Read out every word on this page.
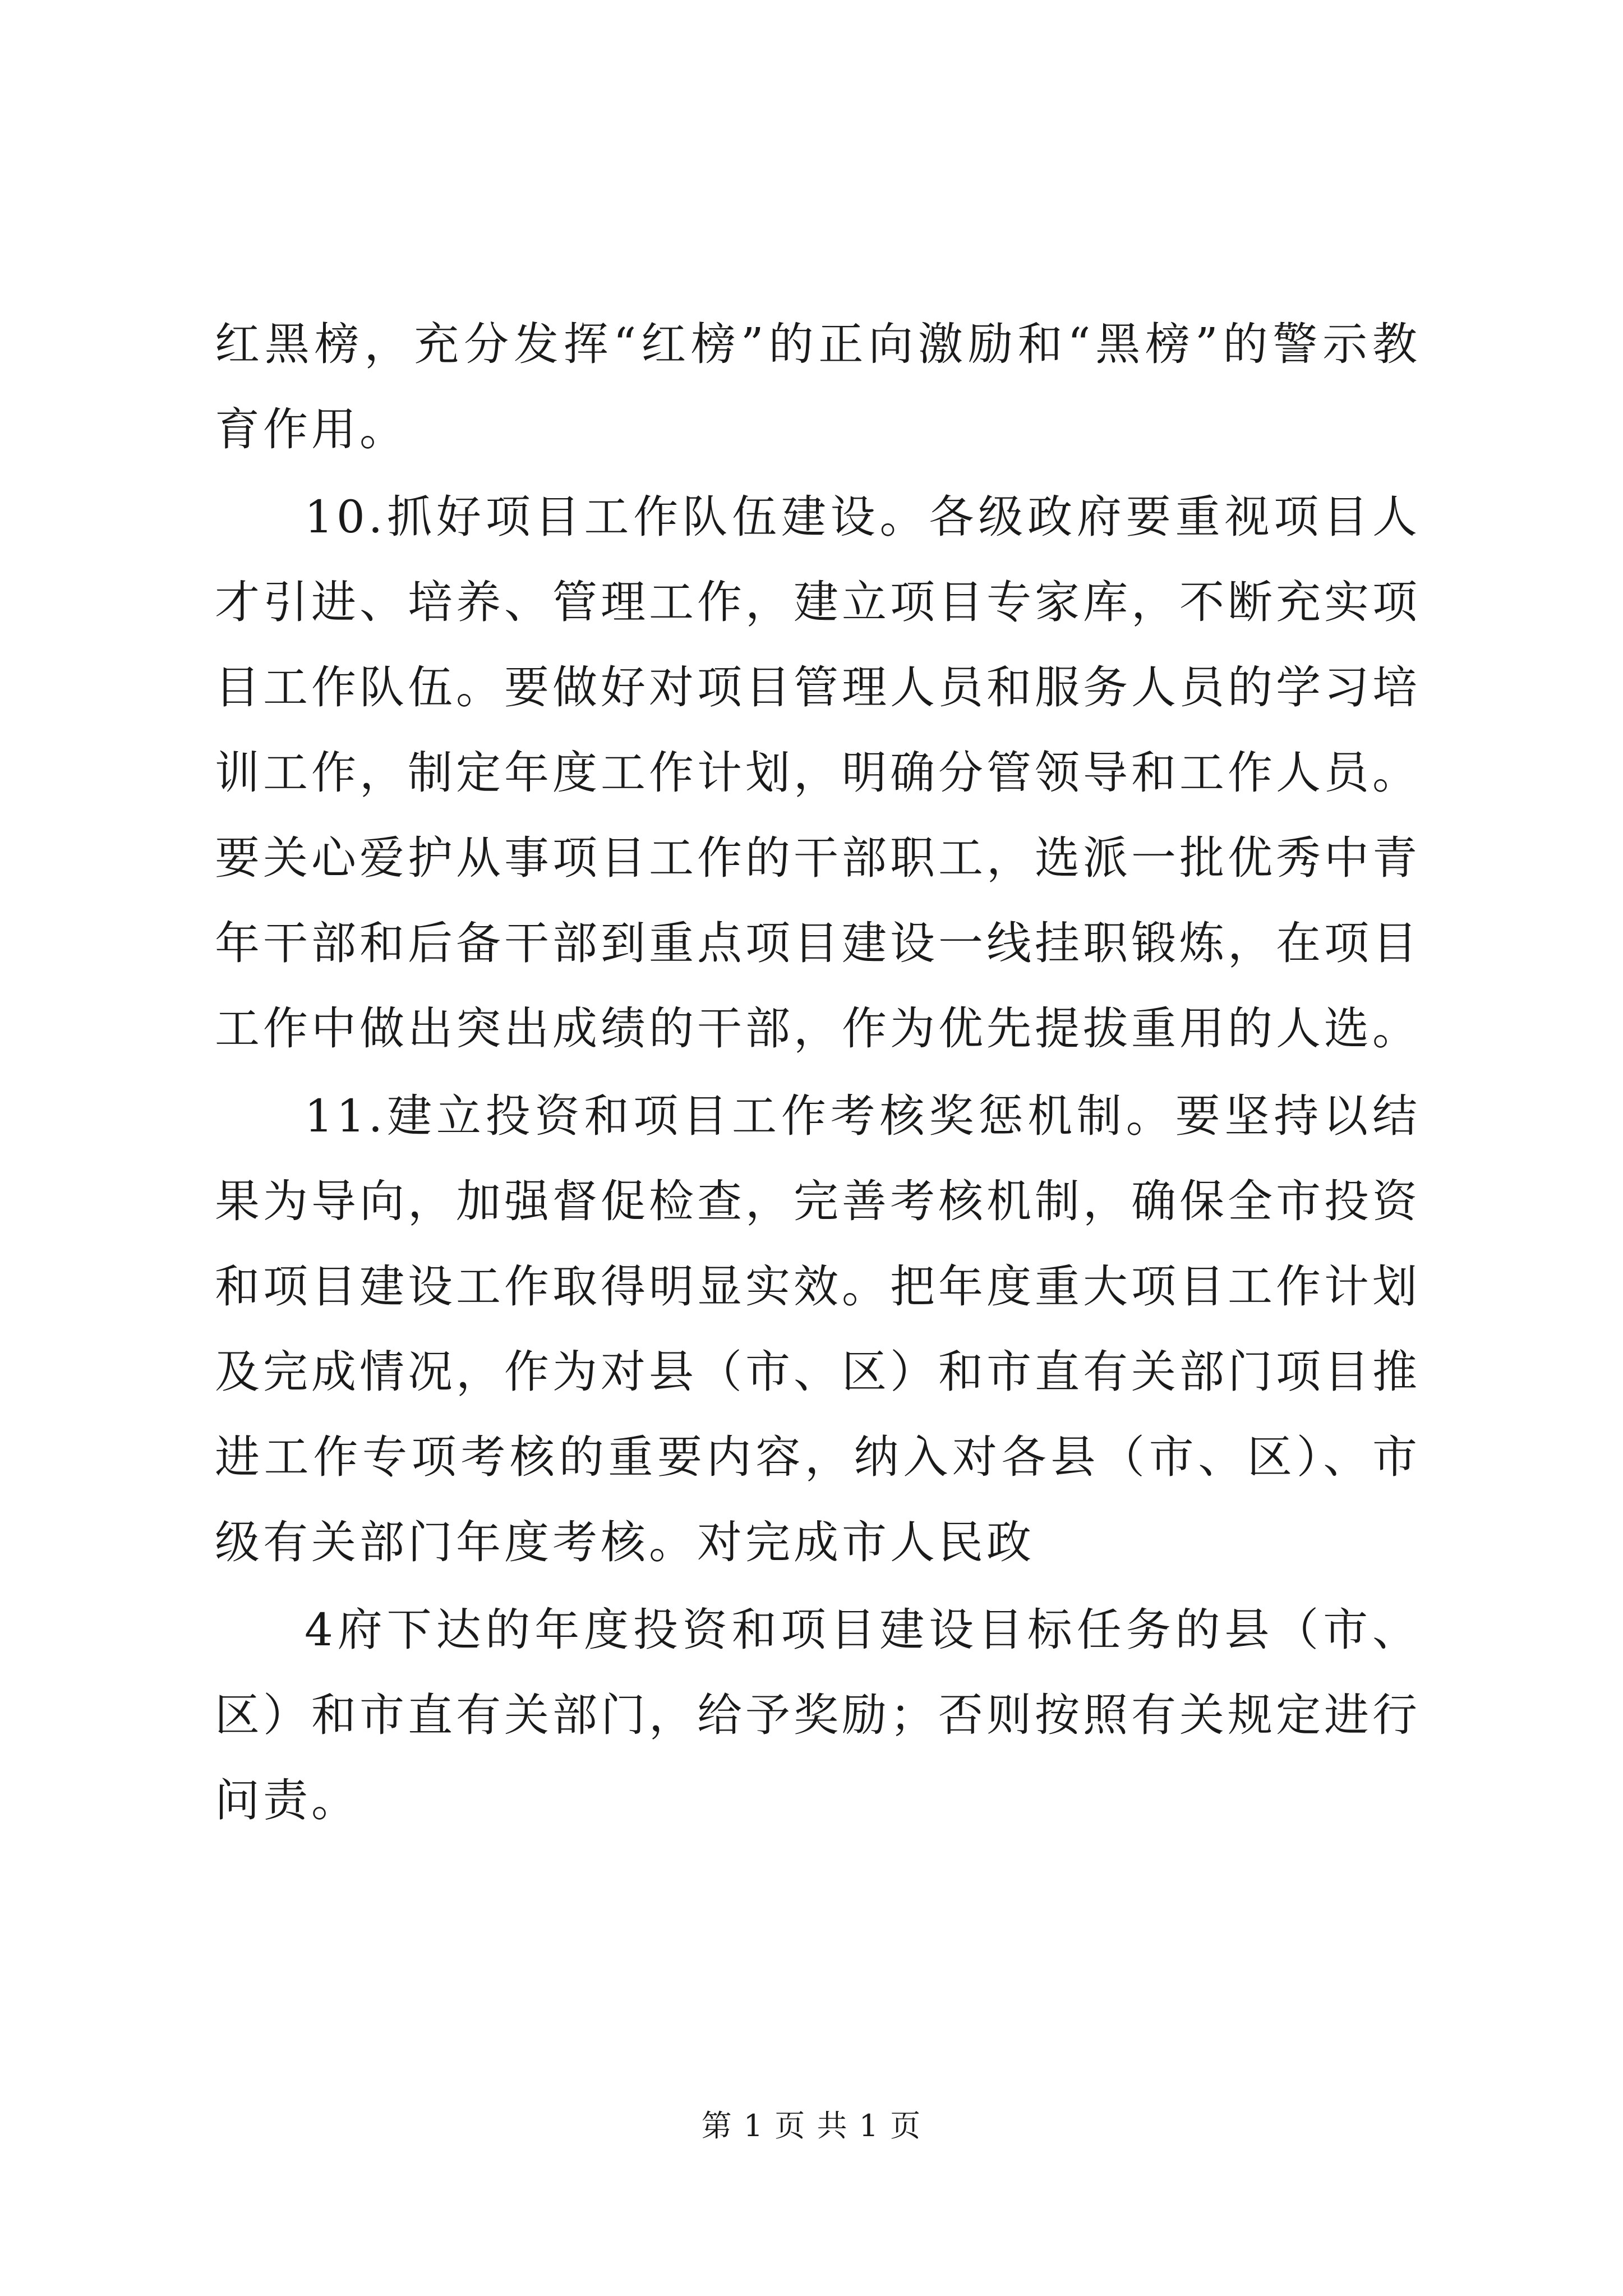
红黑榜，充分发挥“红榜”的正向激励和“黑榜”的警示教育作用。

10.抓好项目工作队伍建设。各级政府要重视项目人才引进、培养、管理工作，建立项目专家库，不断充实项目工作队伍。要做好对项目管理人员和服务人员的学习培训工作，制定年度工作计划，明确分管领导和工作人员。要关心爱护从事项目工作的干部职工，选派一批优秀中青年干部和后备干部到重点项目建设一线挂职锻炼，在项目工作中做出突出成绩的干部，作为优先提拔重用的人选。

11.建立投资和项目工作考核奖惩机制。要坚持以结果为导向，加强督促检查，完善考核机制，确保全市投资和项目建设工作取得明显实效。把年度重大项目工作计划及完成情况，作为对县（市、区）和市直有关部门项目推进工作专项考核的重要内容，纳入对各县（市、区）、市级有关部门年度考核。对完成市人民政

4府下达的年度投资和项目建设目标任务的县（市、区）和市直有关部门，给予奖励；否则按照有关规定进行问责。

第 1 页 共 1 页
